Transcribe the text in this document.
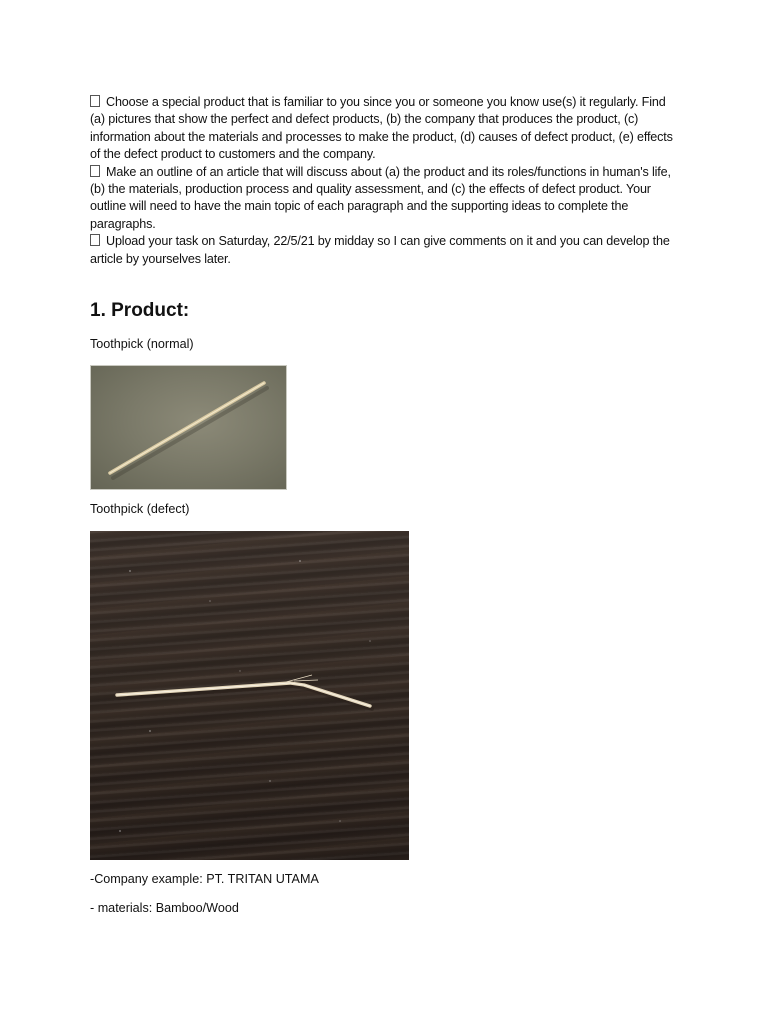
Choose a special product that is familiar to you since you or someone you know use(s) it regularly. Find (a) pictures that show the perfect and defect products, (b) the company that produces the product, (c) information about the materials and processes to make the product, (d) causes of defect product, (e) effects of the defect product to customers and the company.

Make an outline of an article that will discuss about (a) the product and its roles/functions in human's life, (b) the materials, production process and quality assessment, and (c) the effects of defect product. Your outline will need to have the main topic of each paragraph and the supporting ideas to complete the paragraphs.

Upload your task on Saturday, 22/5/21 by midday so I can give comments on it and you can develop the article by yourselves later.

1. Product:

Toothpick (normal)

Toothpick (defect)

-Company example: PT. TRITAN UTAMA

- materials: Bamboo/Wood
